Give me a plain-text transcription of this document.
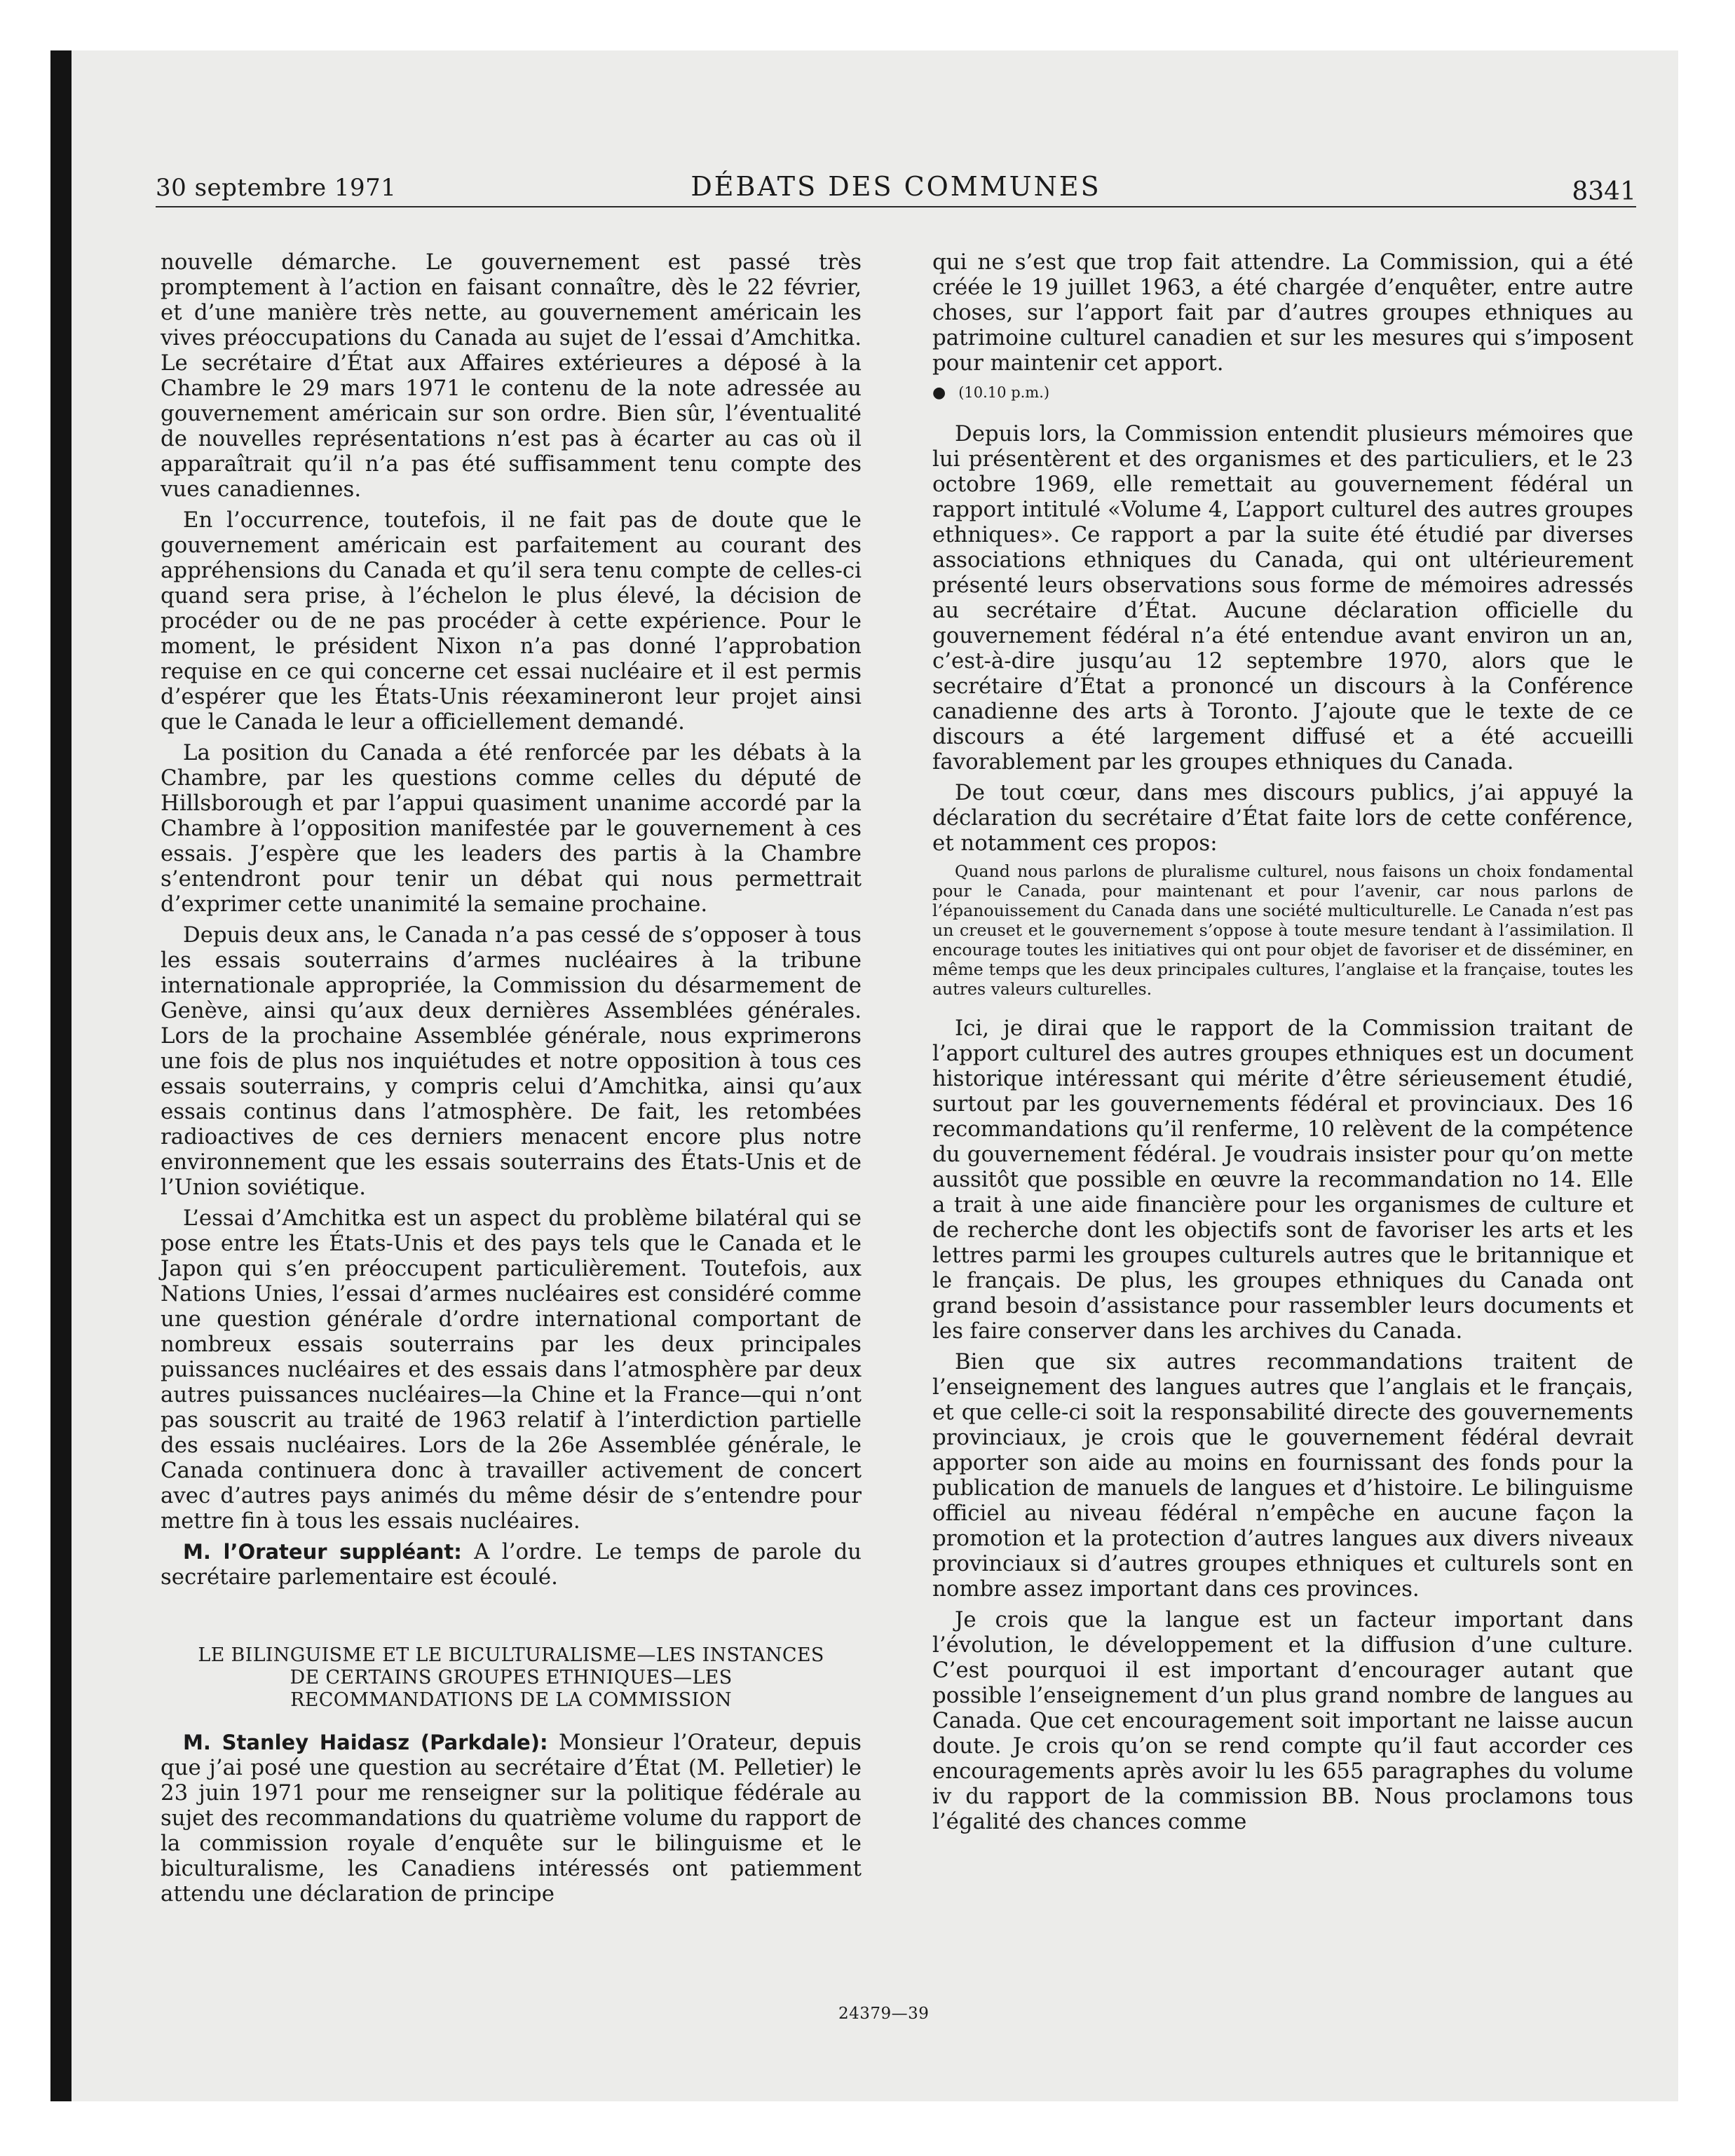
30 septembre 1971	DÉBATS DES COMMUNES	8341

nouvelle démarche. Le gouvernement est passé très promptement à l’action en faisant connaître, dès le 22 février, et d’une manière très nette, au gouvernement américain les vives préoccupations du Canada au sujet de l’essai d’Amchitka. Le secrétaire d’État aux Affaires extérieures a déposé à la Chambre le 29 mars 1971 le contenu de la note adressée au gouvernement américain sur son ordre. Bien sûr, l’éventualité de nouvelles représentations n’est pas à écarter au cas où il apparaîtrait qu’il n’a pas été suffisamment tenu compte des vues canadiennes.

En l’occurrence, toutefois, il ne fait pas de doute que le gouvernement américain est parfaitement au courant des appréhensions du Canada et qu’il sera tenu compte de celles-ci quand sera prise, à l’échelon le plus élevé, la décision de procéder ou de ne pas procéder à cette expérience. Pour le moment, le président Nixon n’a pas donné l’approbation requise en ce qui concerne cet essai nucléaire et il est permis d’espérer que les États-Unis réexamineront leur projet ainsi que le Canada le leur a officiellement demandé.

La position du Canada a été renforcée par les débats à la Chambre, par les questions comme celles du député de Hillsborough et par l’appui quasiment unanime accordé par la Chambre à l’opposition manifestée par le gouvernement à ces essais. J’espère que les leaders des partis à la Chambre s’entendront pour tenir un débat qui nous permettrait d’exprimer cette unanimité la semaine prochaine.

Depuis deux ans, le Canada n’a pas cessé de s’opposer à tous les essais souterrains d’armes nucléaires à la tribune internationale appropriée, la Commission du désarmement de Genève, ainsi qu’aux deux dernières Assemblées générales. Lors de la prochaine Assemblée générale, nous exprimerons une fois de plus nos inquiétudes et notre opposition à tous ces essais souterrains, y compris celui d’Amchitka, ainsi qu’aux essais continus dans l’atmosphère. De fait, les retombées radioactives de ces derniers menacent encore plus notre environnement que les essais souterrains des États-Unis et de l’Union soviétique.

L’essai d’Amchitka est un aspect du problème bilatéral qui se pose entre les États-Unis et des pays tels que le Canada et le Japon qui s’en préoccupent particulièrement. Toutefois, aux Nations Unies, l’essai d’armes nucléaires est considéré comme une question générale d’ordre international comportant de nombreux essais souterrains par les deux principales puissances nucléaires et des essais dans l’atmosphère par deux autres puissances nucléaires—la Chine et la France—qui n’ont pas souscrit au traité de 1963 relatif à l’interdiction partielle des essais nucléaires. Lors de la 26e Assemblée générale, le Canada continuera donc à travailler activement de concert avec d’autres pays animés du même désir de s’entendre pour mettre fin à tous les essais nucléaires.

M. l’Orateur suppléant: A l’ordre. Le temps de parole du secrétaire parlementaire est écoulé.

LE BILINGUISME ET LE BICULTURALISME—LES INSTANCES DE CERTAINS GROUPES ETHNIQUES—LES RECOMMANDATIONS DE LA COMMISSION

M. Stanley Haidasz (Parkdale): Monsieur l’Orateur, depuis que j’ai posé une question au secrétaire d’État (M. Pelletier) le 23 juin 1971 pour me renseigner sur la politique fédérale au sujet des recommandations du quatrième volume du rapport de la commission royale d’enquête sur le bilinguisme et le biculturalisme, les Canadiens intéressés ont patiemment attendu une déclaration de principe

qui ne s’est que trop fait attendre. La Commission, qui a été créée le 19 juillet 1963, a été chargée d’enquêter, entre autre choses, sur l’apport fait par d’autres groupes ethniques au patrimoine culturel canadien et sur les mesures qui s’imposent pour maintenir cet apport.

● (10.10 p.m.)

Depuis lors, la Commission entendit plusieurs mémoires que lui présentèrent et des organismes et des particuliers, et le 23 octobre 1969, elle remettait au gouvernement fédéral un rapport intitulé «Volume 4, L’apport culturel des autres groupes ethniques». Ce rapport a par la suite été étudié par diverses associations ethniques du Canada, qui ont ultérieurement présenté leurs observations sous forme de mémoires adressés au secrétaire d’État. Aucune déclaration officielle du gouvernement fédéral n’a été entendue avant environ un an, c’est-à-dire jusqu’au 12 septembre 1970, alors que le secrétaire d’État a prononcé un discours à la Conférence canadienne des arts à Toronto. J’ajoute que le texte de ce discours a été largement diffusé et a été accueilli favorablement par les groupes ethniques du Canada.

De tout cœur, dans mes discours publics, j’ai appuyé la déclaration du secrétaire d’État faite lors de cette conférence, et notamment ces propos:

Quand nous parlons de pluralisme culturel, nous faisons un choix fondamental pour le Canada, pour maintenant et pour l’avenir, car nous parlons de l’épanouissement du Canada dans une société multiculturelle. Le Canada n’est pas un creuset et le gouvernement s’oppose à toute mesure tendant à l’assimilation. Il encourage toutes les initiatives qui ont pour objet de favoriser et de disséminer, en même temps que les deux principales cultures, l’anglaise et la française, toutes les autres valeurs culturelles.

Ici, je dirai que le rapport de la Commission traitant de l’apport culturel des autres groupes ethniques est un document historique intéressant qui mérite d’être sérieusement étudié, surtout par les gouvernements fédéral et provinciaux. Des 16 recommandations qu’il renferme, 10 relèvent de la compétence du gouvernement fédéral. Je voudrais insister pour qu’on mette aussitôt que possible en œuvre la recommandation no 14. Elle a trait à une aide financière pour les organismes de culture et de recherche dont les objectifs sont de favoriser les arts et les lettres parmi les groupes culturels autres que le britannique et le français. De plus, les groupes ethniques du Canada ont grand besoin d’assistance pour rassembler leurs documents et les faire conserver dans les archives du Canada.

Bien que six autres recommandations traitent de l’enseignement des langues autres que l’anglais et le français, et que celle-ci soit la responsabilité directe des gouvernements provinciaux, je crois que le gouvernement fédéral devrait apporter son aide au moins en fournissant des fonds pour la publication de manuels de langues et d’histoire. Le bilinguisme officiel au niveau fédéral n’empêche en aucune façon la promotion et la protection d’autres langues aux divers niveaux provinciaux si d’autres groupes ethniques et culturels sont en nombre assez important dans ces provinces.

Je crois que la langue est un facteur important dans l’évolution, le développement et la diffusion d’une culture. C’est pourquoi il est important d’encourager autant que possible l’enseignement d’un plus grand nombre de langues au Canada. Que cet encouragement soit important ne laisse aucun doute. Je crois qu’on se rend compte qu’il faut accorder ces encouragements après avoir lu les 655 paragraphes du volume iv du rapport de la commission BB. Nous proclamons tous l’égalité des chances comme

24379—39
